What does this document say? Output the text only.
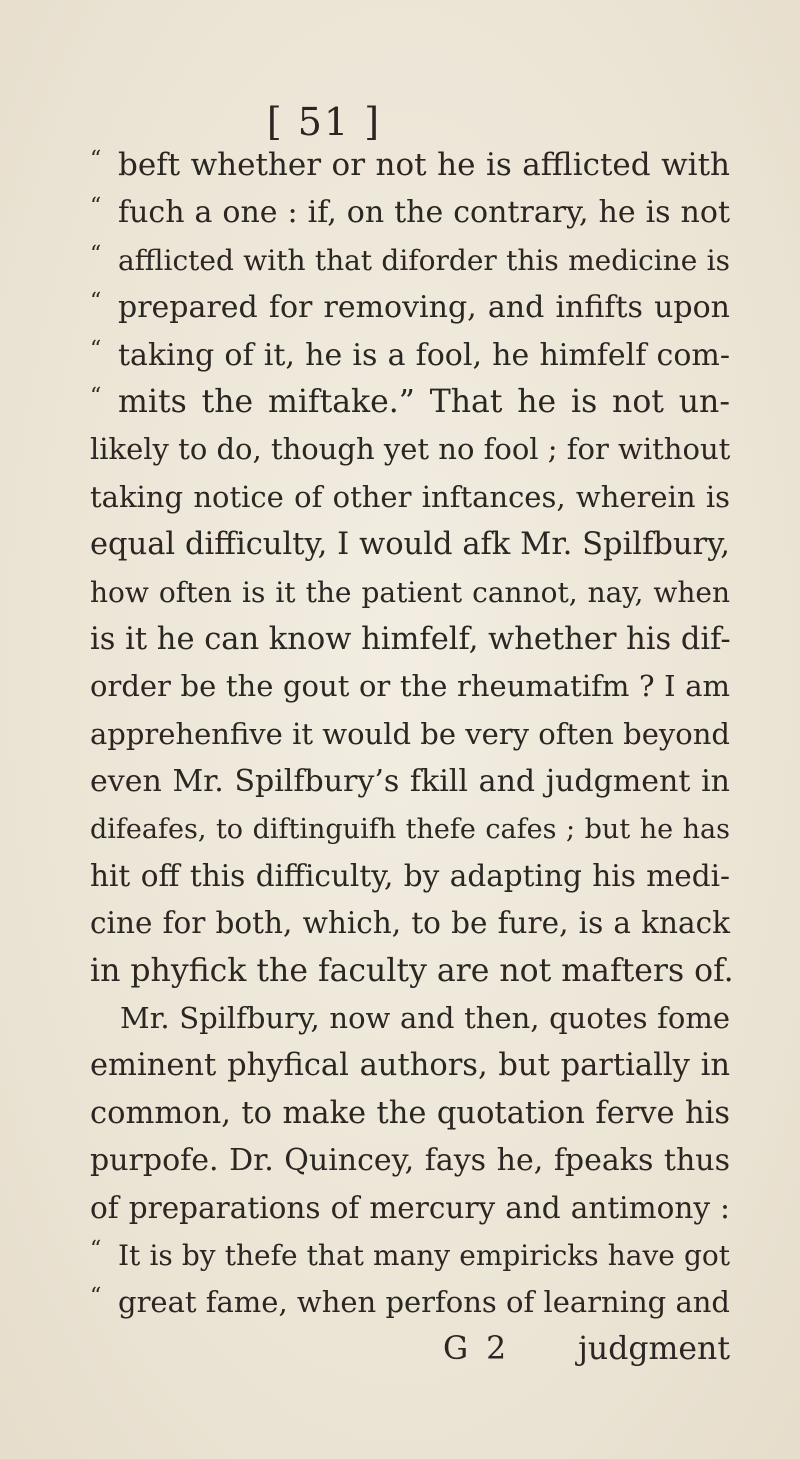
[ 51 ]
“ beft whether or not he is afflicted with
“ fuch a one : if, on the contrary, he is not
“ afflicted with that diforder this medicine is
“ prepared for removing, and infifts upon
“ taking of it, he is a fool, he himfelf com-
“ mits the miftake.” That he is not un-
likely to do, though yet no fool ; for without
taking notice of other inftances, wherein is
equal difficulty, I would afk Mr. Spilfbury,
how often is it the patient cannot, nay, when
is it he can know himfelf, whether his dif-
order be the gout or the rheumatifm ? I am
apprehenfive it would be very often beyond
even Mr. Spilfbury’s fkill and judgment in
difeafes, to diftinguifh thefe cafes ; but he has
hit off this difficulty, by adapting his medi-
cine for both, which, to be fure, is a knack
in phyfick the faculty are not mafters of.
Mr. Spilfbury, now and then, quotes fome
eminent phyfical authors, but partially in
common, to make the quotation ferve his
purpofe. Dr. Quincey, fays he, fpeaks thus
of preparations of mercury and antimony :
“ It is by thefe that many empiricks have got
“ great fame, when perfons of learning and
G 2 judgment
